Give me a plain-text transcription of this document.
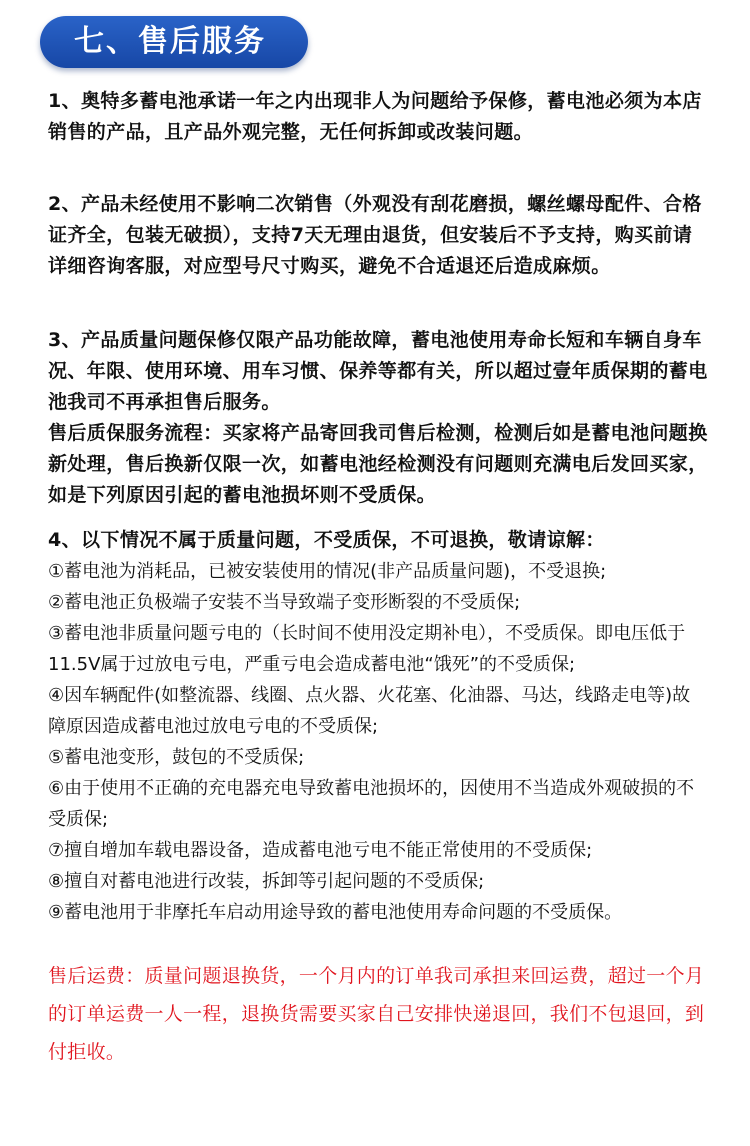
七、售后服务

1、奥特多蓄电池承诺一年之内出现非人为问题给予保修，蓄电池必须为本店销售的产品，且产品外观完整，无任何拆卸或改装问题。

2、产品未经使用不影响二次销售（外观没有刮花磨损，螺丝螺母配件、合格证齐全，包装无破损），支持7天无理由退货，但安装后不予支持，购买前请详细咨询客服，对应型号尺寸购买，避免不合适退还后造成麻烦。

3、产品质量问题保修仅限产品功能故障，蓄电池使用寿命长短和车辆自身车况、年限、使用环境、用车习惯、保养等都有关，所以超过壹年质保期的蓄电池我司不再承担售后服务。

售后质保服务流程：买家将产品寄回我司售后检测，检测后如是蓄电池问题换新处理，售后换新仅限一次，如蓄电池经检测没有问题则充满电后发回买家，如是下列原因引起的蓄电池损坏则不受质保。

4、以下情况不属于质量问题，不受质保，不可退换，敬请谅解：

①蓄电池为消耗品，已被安装使用的情况(非产品质量问题)，不受退换;

②蓄电池正负极端子安装不当导致端子变形断裂的不受质保;

③蓄电池非质量问题亏电的（长时间不使用没定期补电），不受质保。即电压低于11.5V属于过放电亏电，严重亏电会造成蓄电池“饿死”的不受质保;

④因车辆配件(如整流器、线圈、点火器、火花塞、化油器、马达，线路走电等)故障原因造成蓄电池过放电亏电的不受质保;

⑤蓄电池变形，鼓包的不受质保;

⑥由于使用不正确的充电器充电导致蓄电池损坏的，因使用不当造成外观破损的不受质保;

⑦擅自增加车载电器设备，造成蓄电池亏电不能正常使用的不受质保;

⑧擅自对蓄电池进行改装，拆卸等引起问题的不受质保;

⑨蓄电池用于非摩托车启动用途导致的蓄电池使用寿命问题的不受质保。

售后运费：质量问题退换货，一个月内的订单我司承担来回运费，超过一个月的订单运费一人一程，退换货需要买家自己安排快递退回，我们不包退回，到付拒收。
